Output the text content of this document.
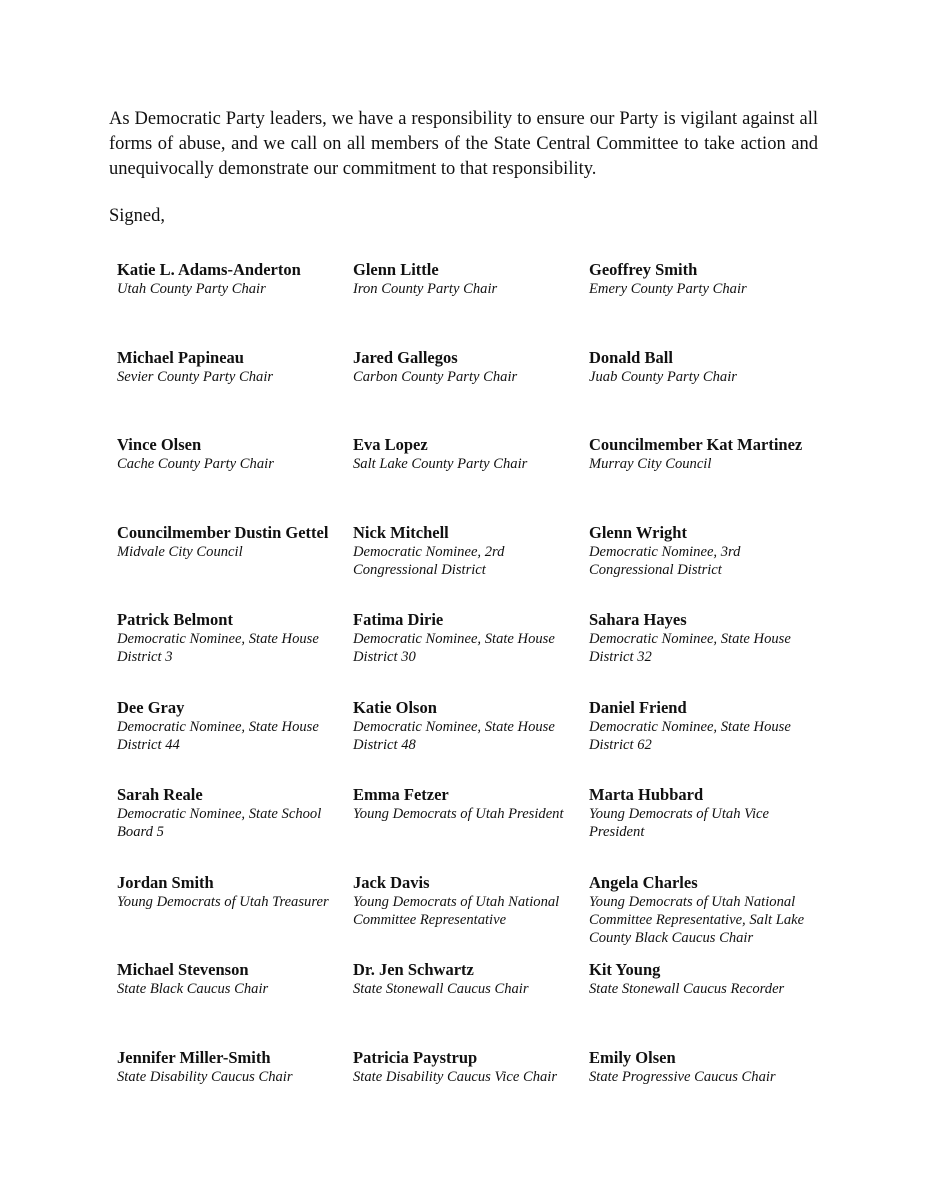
As Democratic Party leaders, we have a responsibility to ensure our Party is vigilant against all forms of abuse, and we call on all members of the State Central Committee to take action and unequivocally demonstrate our commitment to that responsibility.

Signed,

Katie L. Adams-Anderton

Utah County Party Chair

Glenn Little

Iron County Party Chair

Geoffrey Smith

Emery County Party Chair

Michael Papineau

Sevier County Party Chair

Jared Gallegos

Carbon County Party Chair

Donald Ball

Juab County Party Chair

Vince Olsen

Cache County Party Chair

Eva Lopez

Salt Lake County Party Chair

Councilmember Kat Martinez

Murray City Council

Councilmember Dustin Gettel

Midvale City Council

Nick Mitchell

Democratic Nominee, 2rd Congressional District

Glenn Wright

Democratic Nominee, 3rd Congressional District

Patrick Belmont

Democratic Nominee, State House District 3

Fatima Dirie

Democratic Nominee, State House District 30

Sahara Hayes

Democratic Nominee, State House District 32

Dee Gray

Democratic Nominee, State House District 44

Katie Olson

Democratic Nominee, State House District 48

Daniel Friend

Democratic Nominee, State House District 62

Sarah Reale

Democratic Nominee, State School Board 5

Emma Fetzer

Young Democrats of Utah President

Marta Hubbard

Young Democrats of Utah Vice President

Jordan Smith

Young Democrats of Utah Treasurer

Jack Davis

Young Democrats of Utah National Committee Representative

Angela Charles

Young Democrats of Utah National Committee Representative, Salt Lake County Black Caucus Chair

Michael Stevenson

State Black Caucus Chair

Dr. Jen Schwartz

State Stonewall Caucus Chair

Kit Young

State Stonewall Caucus Recorder

Jennifer Miller-Smith

State Disability Caucus Chair

Patricia Paystrup

State Disability Caucus Vice Chair

Emily Olsen

State Progressive Caucus Chair
